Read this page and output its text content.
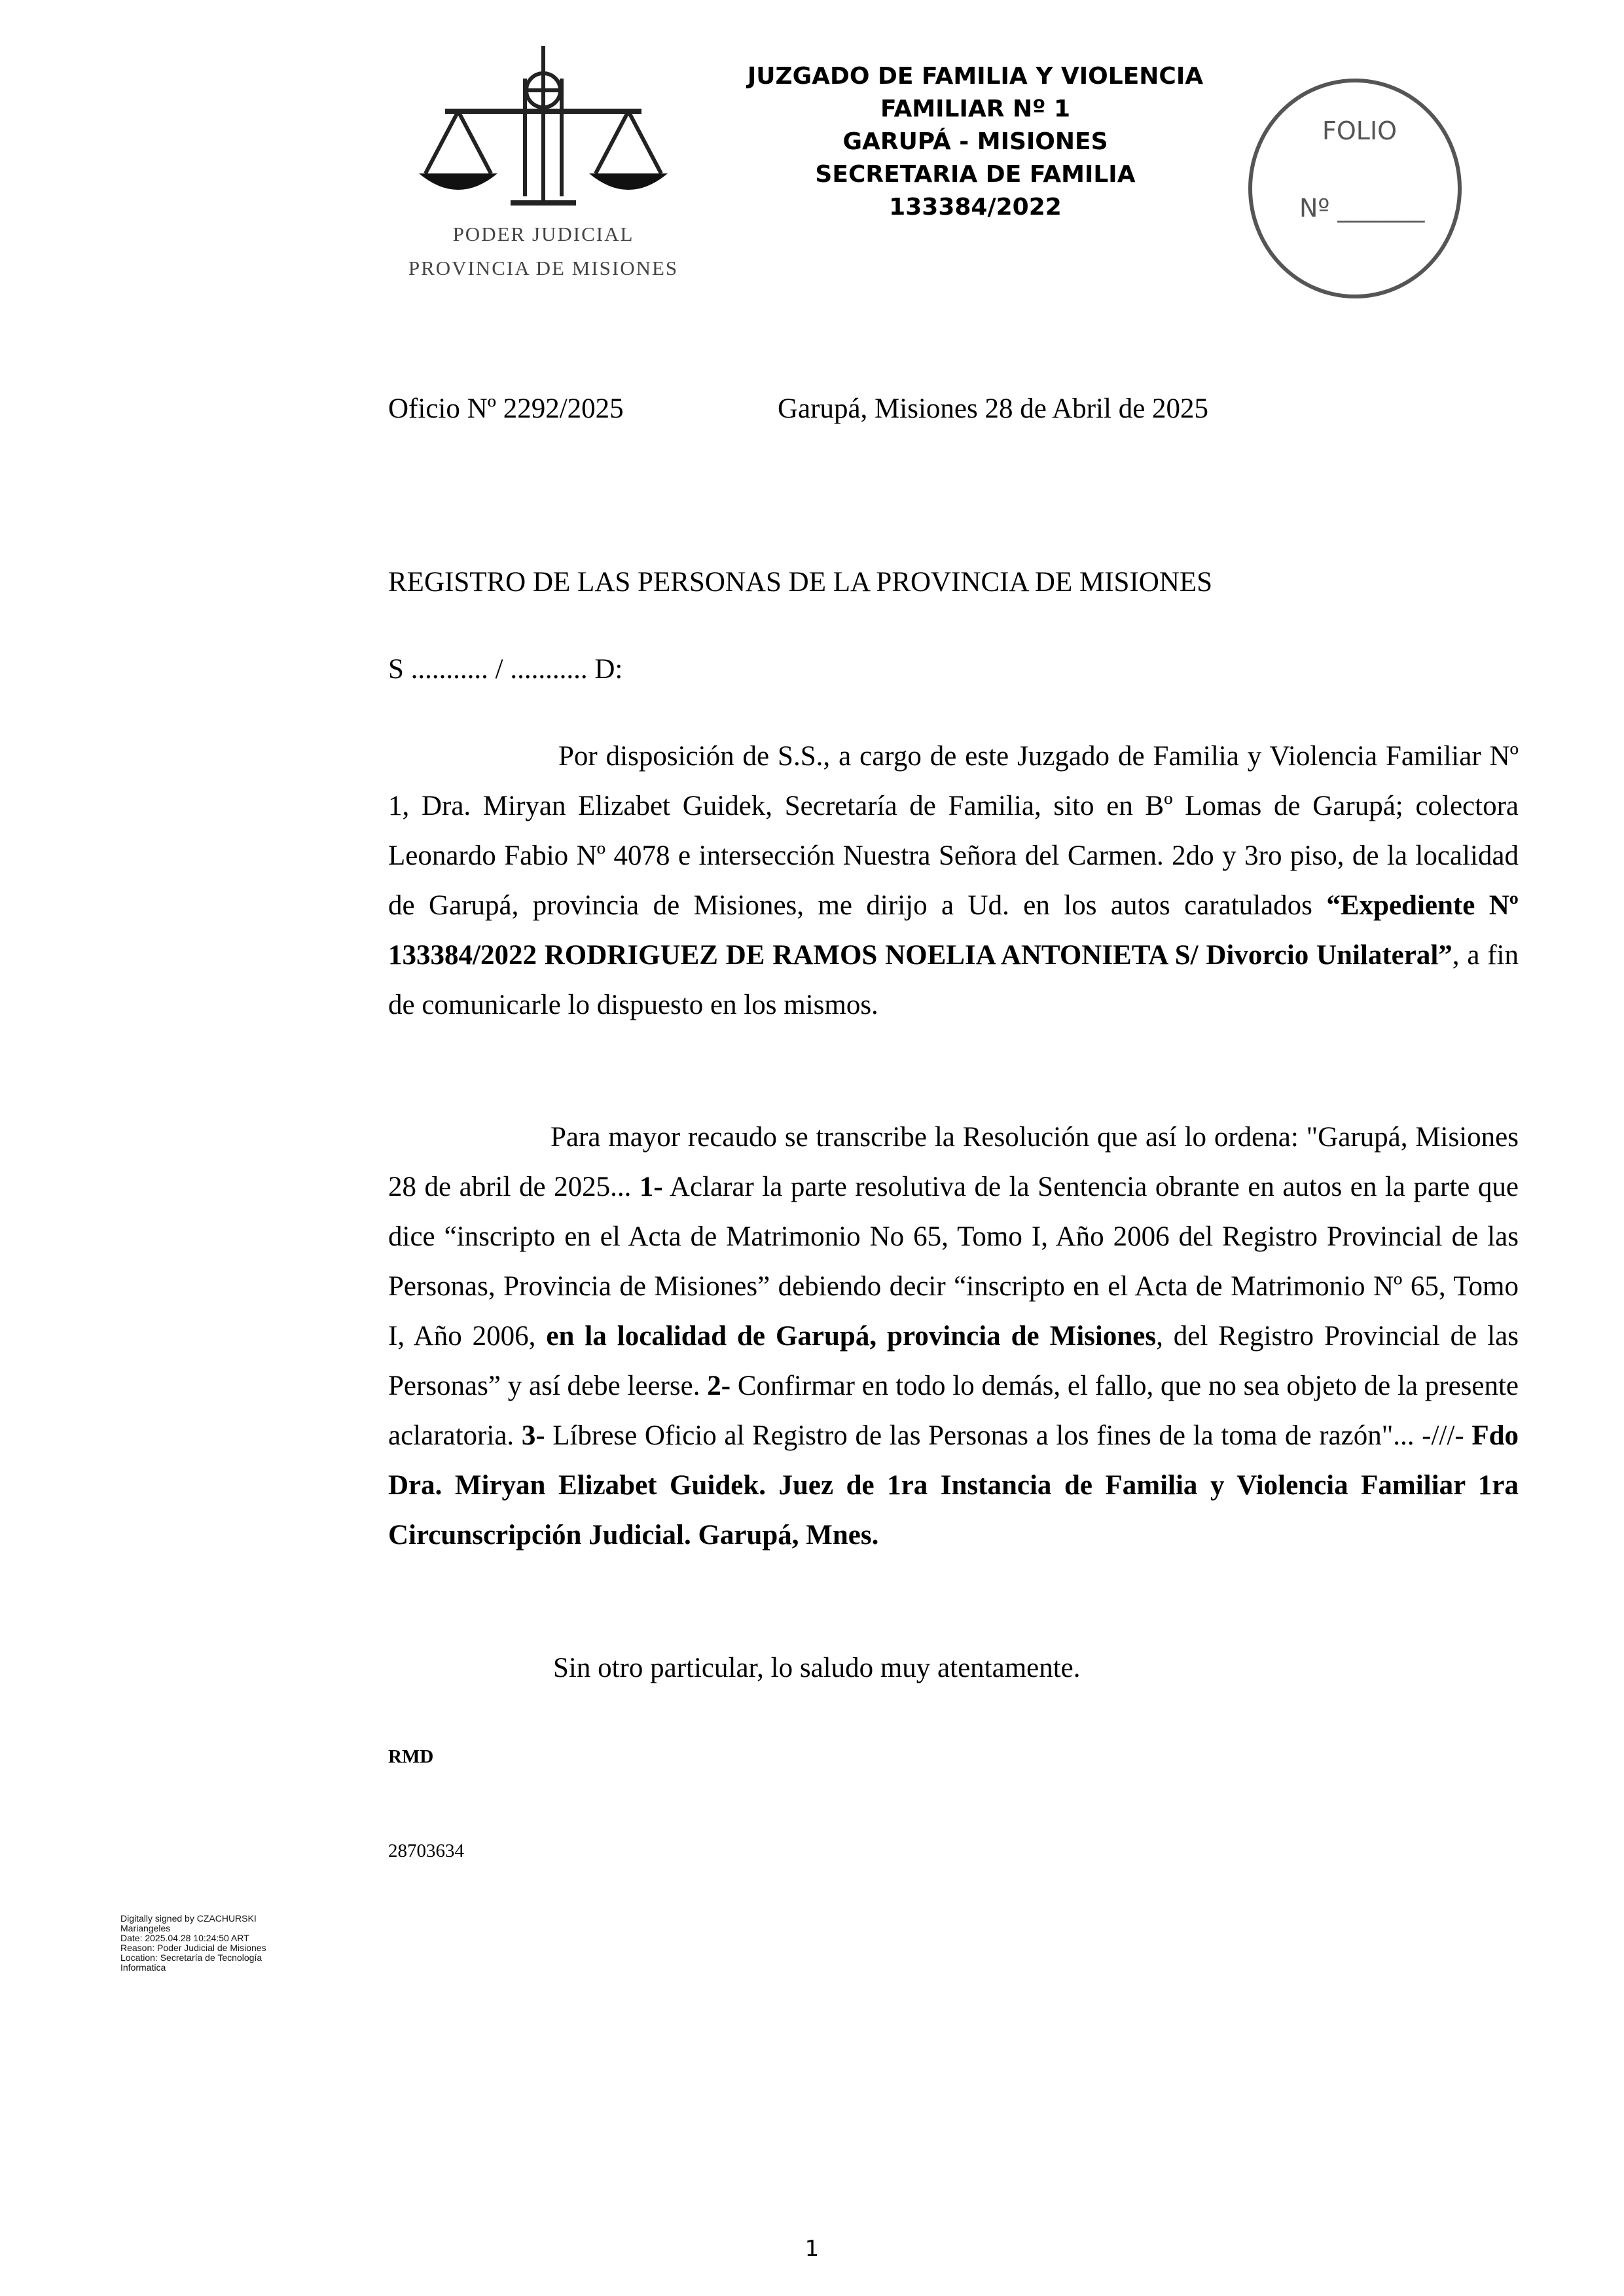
PODER JUDICIAL
PROVINCIA DE MISIONES
JUZGADO DE FAMILIA Y VIOLENCIA
FAMILIAR Nº 1
GARUPÁ - MISIONES
SECRETARIA DE FAMILIA
133384/2022
FOLIO
Nº _______
Oficio Nº 2292/2025	Garupá, Misiones 28 de Abril de 2025
REGISTRO DE LAS PERSONAS DE LA PROVINCIA DE MISIONES
S ........... / ........... D:
Por disposición de S.S., a cargo de este Juzgado de Familia y Violencia Familiar Nº 1, Dra. Miryan Elizabet Guidek, Secretaría de Familia, sito en Bº Lomas de Garupá; colectora Leonardo Fabio Nº 4078 e intersección Nuestra Señora del Carmen. 2do y 3ro piso, de la localidad de Garupá, provincia de Misiones, me dirijo a Ud. en los autos caratulados “Expediente Nº 133384/2022 RODRIGUEZ DE RAMOS NOELIA ANTONIETA S/ Divorcio Unilateral”, a fin de comunicarle lo dispuesto en los mismos.
Para mayor recaudo se transcribe la Resolución que así lo ordena: "Garupá, Misiones 28 de abril de 2025... 1- Aclarar la parte resolutiva de la Sentencia obrante en autos en la parte que dice “inscripto en el Acta de Matrimonio No 65, Tomo I, Año 2006 del Registro Provincial de las Personas, Provincia de Misiones” debiendo decir “inscripto en el Acta de Matrimonio Nº 65, Tomo I, Año 2006, en la localidad de Garupá, provincia de Misiones, del Registro Provincial de las Personas” y así debe leerse. 2- Confirmar en todo lo demás, el fallo, que no sea objeto de la presente aclaratoria. 3- Líbrese Oficio al Registro de las Personas a los fines de la toma de razón"... -///- Fdo Dra. Miryan Elizabet Guidek. Juez de 1ra Instancia de Familia y Violencia Familiar 1ra Circunscripción Judicial. Garupá, Mnes.
Sin otro particular, lo saludo muy atentamente.
RMD
28703634
Digitally signed by CZACHURSKI
Mariangeles
Date: 2025.04.28 10:24:50 ART
Reason: Poder Judicial de Misiones
Location: Secretaría de Tecnología
Informatica
1
